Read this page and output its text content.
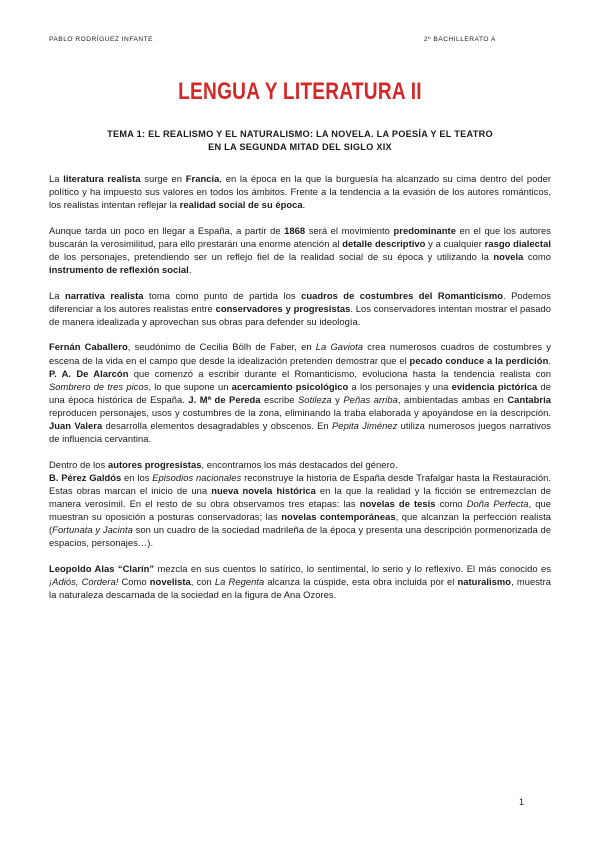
PABLO RODRÍGUEZ INFANTE	2º BACHILLERATO A
LENGUA Y LITERATURA II
TEMA 1: EL REALISMO Y EL NATURALISMO: LA NOVELA. LA POESÍA Y EL TEATRO
EN LA SEGUNDA MITAD DEL SIGLO XIX

La literatura realista surge en Francia, en la época en la que la burguesía ha alcanzado su cima dentro del poder político y ha impuesto sus valores en todos los ámbitos. Frente a la tendencia a la evasión de los autores románticos, los realistas intentan reflejar la realidad social de su época.

Aunque tarda un poco en llegar a España, a partir de 1868 será el movimiento predominante en el que los autores buscarán la verosimilitud, para ello prestarán una enorme atención al detalle descriptivo y a cualquier rasgo dialectal de los personajes, pretendiendo ser un reflejo fiel de la realidad social de su época y utilizando la novela como instrumento de reflexión social.

La narrativa realista toma como punto de partida los cuadros de costumbres del Romanticismo. Podemos diferenciar a los autores realistas entre conservadores y progresistas. Los conservadores intentan mostrar el pasado de manera idealizada y aprovechan sus obras para defender su ideología.

Fernán Caballero, seudónimo de Cecilia Bölh de Faber, en La Gaviota crea numerosos cuadros de costumbres y escena de la vida en el campo que desde la idealización pretenden demostrar que el pecado conduce a la perdición. P. A. De Alarcón que comenzó a escribir durante el Romanticismo, evoluciona hasta la tendencia realista con Sombrero de tres picos, lo que supone un acercamiento psicológico a los personajes y una evidencia pictórica de una época histórica de España. J. Mª de Pereda escribe Sotileza y Peñas arriba, ambientadas ambas en Cantabria reproducen personajes, usos y costumbres de la zona, eliminando la traba elaborada y apoyándose en la descripción. Juan Valera desarrolla elementos desagradables y obscenos. En Pepita Jiménez utiliza numerosos juegos narrativos de influencia cervantina.

Dentro de los autores progresistas, encontramos los más destacados del género.

B. Pérez Galdós en los Episodios nacionales reconstruye la historia de España desde Trafalgar hasta la Restauración. Estas obras marcan el inicio de una nueva novela histórica en la que la realidad y la ficción se entremezclan de manera verosímil. En el resto de su obra observamos tres etapas: las novelas de tesis como Doña Perfecta, que muestran su oposición a posturas conservadoras; las novelas contemporáneas, que alcanzan la perfección realista (Fortunata y Jacinta son un cuadro de la sociedad madrileña de la época y presenta una descripción pormenorizada de espacios, personajes…).

Leopoldo Alas “Clarín” mezcla en sus cuentos lo satírico, lo sentimental, lo serio y lo reflexivo. El más conocido es ¡Adiós, Cordera! Como novelista, con La Regenta alcanza la cúspide, esta obra incluida por el naturalismo, muestra la naturaleza descarnada de la sociedad en la figura de Ana Ozores.

1
